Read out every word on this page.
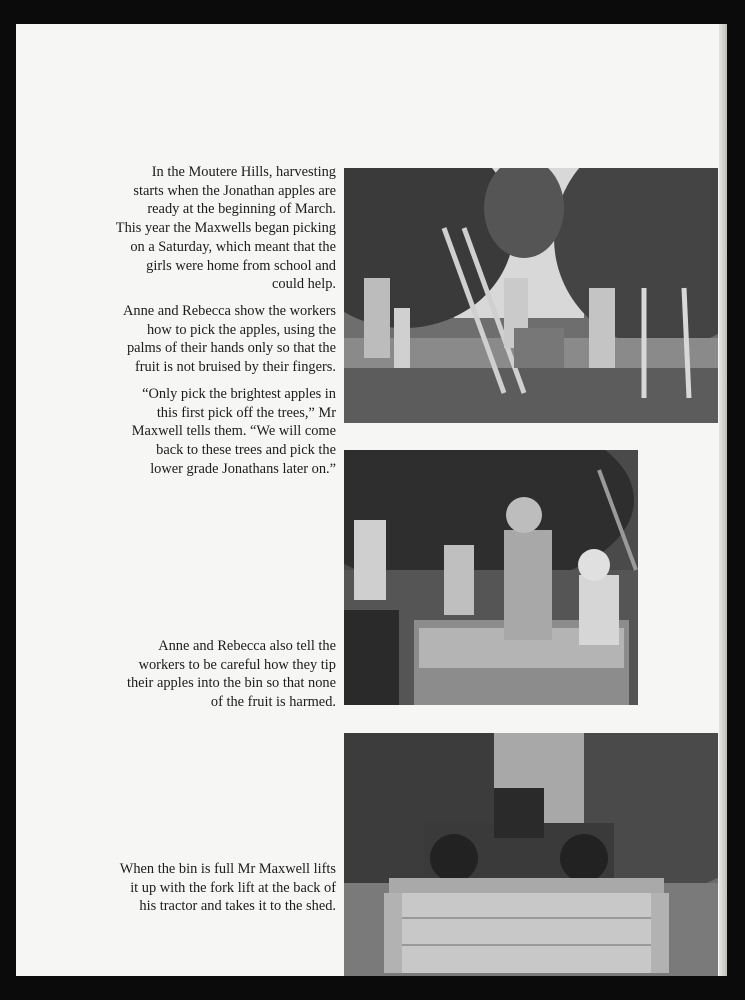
In the Moutere Hills, harvesting
starts when the Jonathan apples are
ready at the beginning of March.
This year the Maxwells began picking
on a Saturday, which meant that the
girls were home from school and
could help.
Anne and Rebecca show the workers
how to pick the apples, using the
palms of their hands only so that the
fruit is not bruised by their fingers.
“Only pick the brightest apples in
this first pick off the trees,” Mr
Maxwell tells them. “We will come
back to these trees and pick the
lower grade Jonathans later on.”
Anne and Rebecca also tell the
workers to be careful how they tip
their apples into the bin so that none
of the fruit is harmed.
When the bin is full Mr Maxwell lifts
it up with the fork lift at the back of
his tractor and takes it to the shed.
